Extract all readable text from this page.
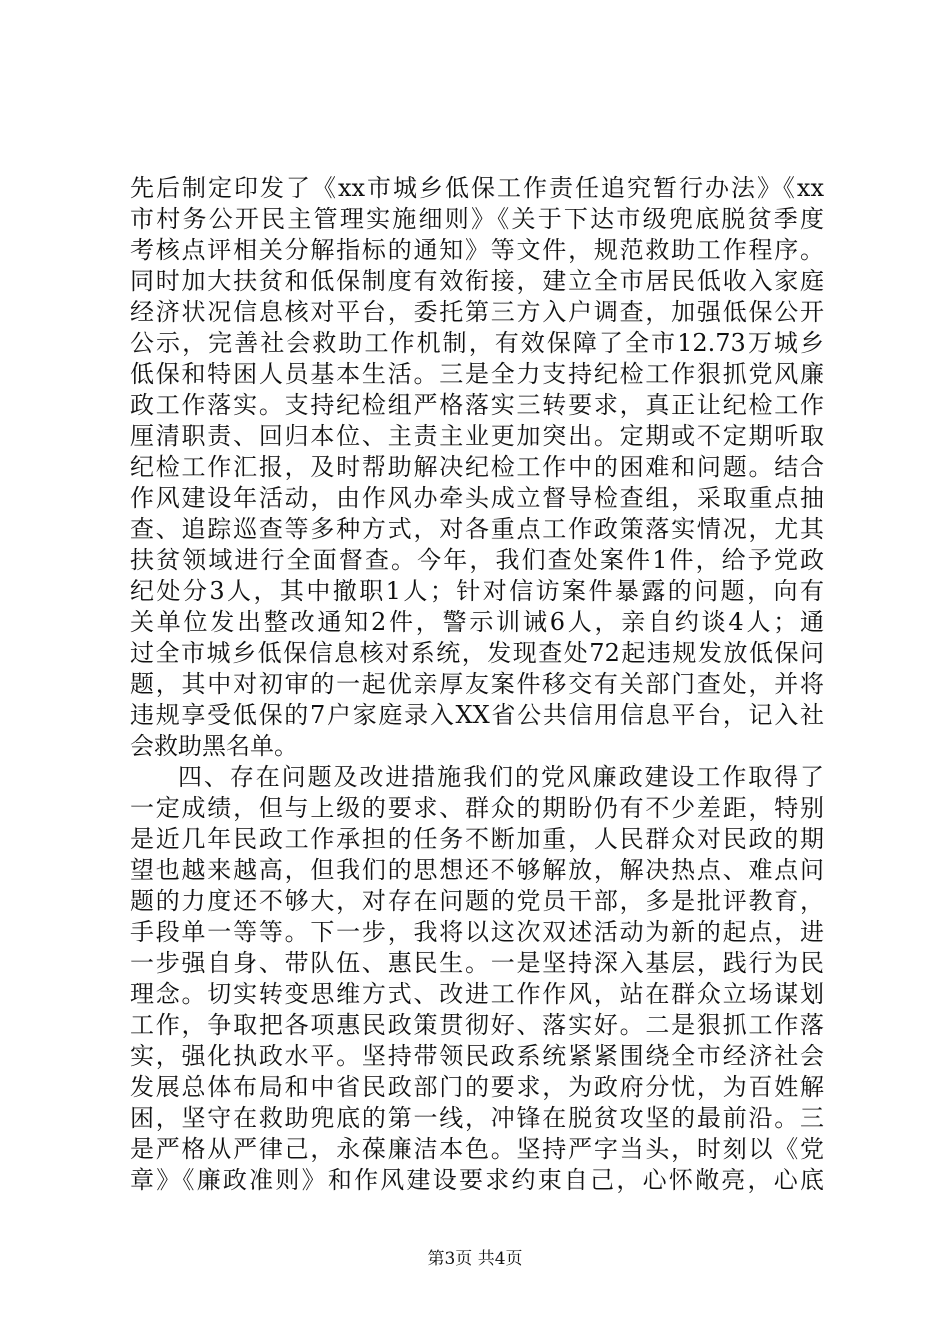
先后制定印发了《xx市城乡低保工作责任追究暂行办法》《xx
市村务公开民主管理实施细则》《关于下达市级兜底脱贫季度
考核点评相关分解指标的通知》等文件，规范救助工作程序。
同时加大扶贫和低保制度有效衔接，建立全市居民低收入家庭
经济状况信息核对平台，委托第三方入户调查，加强低保公开
公示，完善社会救助工作机制，有效保障了全市12.73万城乡
低保和特困人员基本生活。三是全力支持纪检工作狠抓党风廉
政工作落实。支持纪检组严格落实三转要求，真正让纪检工作
厘清职责、回归本位、主责主业更加突出。定期或不定期听取
纪检工作汇报，及时帮助解决纪检工作中的困难和问题。结合
作风建设年活动，由作风办牵头成立督导检查组，采取重点抽
查、追踪巡查等多种方式，对各重点工作政策落实情况，尤其
扶贫领域进行全面督查。今年，我们查处案件1件，给予党政
纪处分3人，其中撤职1人；针对信访案件暴露的问题，向有
关单位发出整改通知2件，警示训诫6人，亲自约谈4人；通
过全市城乡低保信息核对系统，发现查处72起违规发放低保问
题，其中对初审的一起优亲厚友案件移交有关部门查处，并将
违规享受低保的7户家庭录入XX省公共信用信息平台，记入社
会救助黑名单。
四、存在问题及改进措施我们的党风廉政建设工作取得了
一定成绩，但与上级的要求、群众的期盼仍有不少差距，特别
是近几年民政工作承担的任务不断加重，人民群众对民政的期
望也越来越高，但我们的思想还不够解放，解决热点、难点问
题的力度还不够大，对存在问题的党员干部，多是批评教育，
手段单一等等。下一步，我将以这次双述活动为新的起点，进
一步强自身、带队伍、惠民生。一是坚持深入基层，践行为民
理念。切实转变思维方式、改进工作作风，站在群众立场谋划
工作，争取把各项惠民政策贯彻好、落实好。二是狠抓工作落
实，强化执政水平。坚持带领民政系统紧紧围绕全市经济社会
发展总体布局和中省民政部门的要求，为政府分忧，为百姓解
困，坚守在救助兜底的第一线，冲锋在脱贫攻坚的最前沿。三
是严格从严律己，永葆廉洁本色。坚持严字当头，时刻以《党
章》《廉政准则》和作风建设要求约束自己，心怀敞亮，心底
第3页 共4页
